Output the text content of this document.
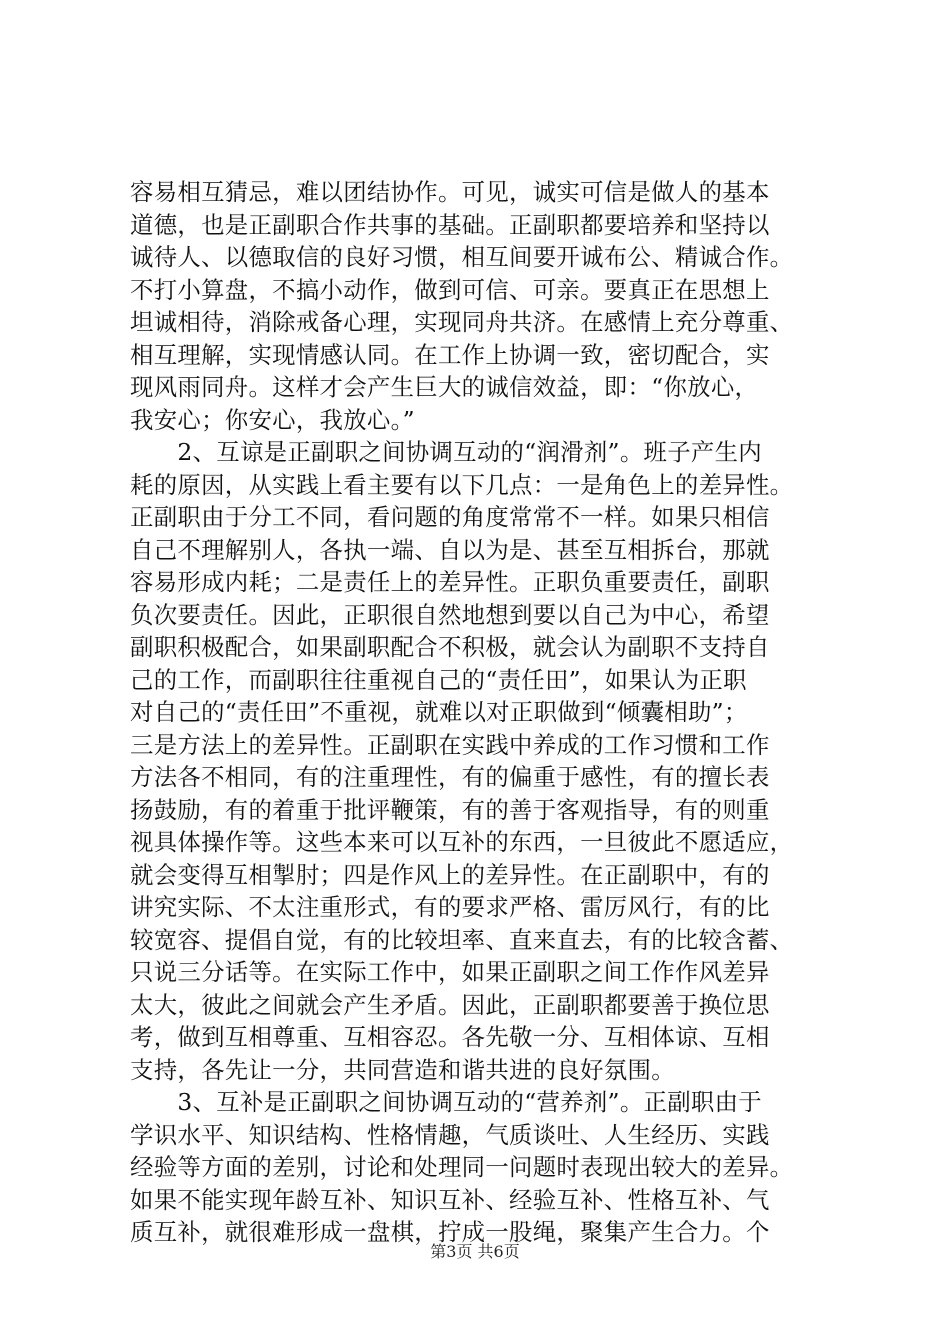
容易相互猜忌，难以团结协作。可见，诚实可信是做人的基本
道德，也是正副职合作共事的基础。正副职都要培养和坚持以
诚待人、以德取信的良好习惯，相互间要开诚布公、精诚合作。
不打小算盘，不搞小动作，做到可信、可亲。要真正在思想上
坦诚相待，消除戒备心理，实现同舟共济。在感情上充分尊重、
相互理解，实现情感认同。在工作上协调一致，密切配合，实
现风雨同舟。这样才会产生巨大的诚信效益，即：“你放心，
我安心；你安心，我放心。”
　　2、互谅是正副职之间协调互动的“润滑剂”。班子产生内
耗的原因，从实践上看主要有以下几点：一是角色上的差异性。
正副职由于分工不同，看问题的角度常常不一样。如果只相信
自己不理解别人，各执一端、自以为是、甚至互相拆台，那就
容易形成内耗；二是责任上的差异性。正职负重要责任，副职
负次要责任。因此，正职很自然地想到要以自己为中心，希望
副职积极配合，如果副职配合不积极，就会认为副职不支持自
己的工作，而副职往往重视自己的“责任田”，如果认为正职
对自己的“责任田”不重视，就难以对正职做到“倾囊相助”；
三是方法上的差异性。正副职在实践中养成的工作习惯和工作
方法各不相同，有的注重理性，有的偏重于感性，有的擅长表
扬鼓励，有的着重于批评鞭策，有的善于客观指导，有的则重
视具体操作等。这些本来可以互补的东西，一旦彼此不愿适应，
就会变得互相掣肘；四是作风上的差异性。在正副职中，有的
讲究实际、不太注重形式，有的要求严格、雷厉风行，有的比
较宽容、提倡自觉，有的比较坦率、直来直去，有的比较含蓄、
只说三分话等。在实际工作中，如果正副职之间工作作风差异
太大，彼此之间就会产生矛盾。因此，正副职都要善于换位思
考，做到互相尊重、互相容忍。各先敬一分、互相体谅、互相
支持，各先让一分，共同营造和谐共进的良好氛围。
　　3、互补是正副职之间协调互动的“营养剂”。正副职由于
学识水平、知识结构、性格情趣，气质谈吐、人生经历、实践
经验等方面的差别，讨论和处理同一问题时表现出较大的差异。
如果不能实现年龄互补、知识互补、经验互补、性格互补、气
质互补，就很难形成一盘棋，拧成一股绳，聚集产生合力。个
第3页 共6页
